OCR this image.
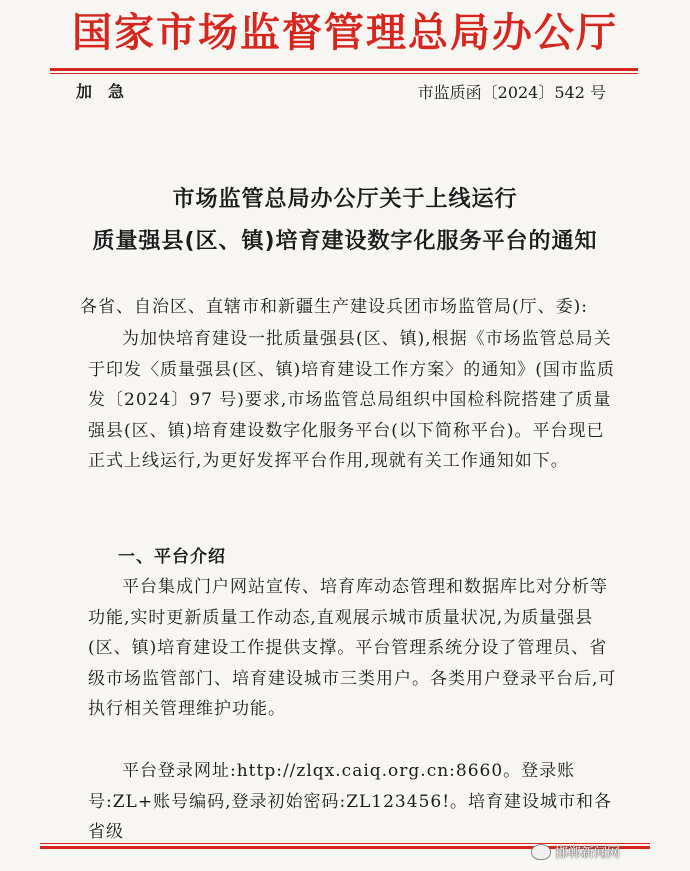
国家市场监督管理总局办公厅
加急	市监质函〔2024〕542 号
市场监管总局办公厅关于上线运行
质量强县(区、镇)培育建设数字化服务平台的通知
各省、自治区、直辖市和新疆生产建设兵团市场监管局(厅、委):
为加快培育建设一批质量强县(区、镇),根据《市场监管总局关于印发〈质量强县(区、镇)培育建设工作方案〉的通知》(国市监质发〔2024〕97 号)要求,市场监管总局组织中国检科院搭建了质量强县(区、镇)培育建设数字化服务平台(以下简称平台)。平台现已正式上线运行,为更好发挥平台作用,现就有关工作通知如下。
一、平台介绍
平台集成门户网站宣传、培育库动态管理和数据库比对分析等功能,实时更新质量工作动态,直观展示城市质量状况,为质量强县(区、镇)培育建设工作提供支撑。平台管理系统分设了管理员、省级市场监管部门、培育建设城市三类用户。各类用户登录平台后,可执行相关管理维护功能。
平台登录网址:http://zlqx.caiq.org.cn:8660。登录账号:ZL+账号编码,登录初始密码:ZL123456!。培育建设城市和各省级
邯郸新闻网
